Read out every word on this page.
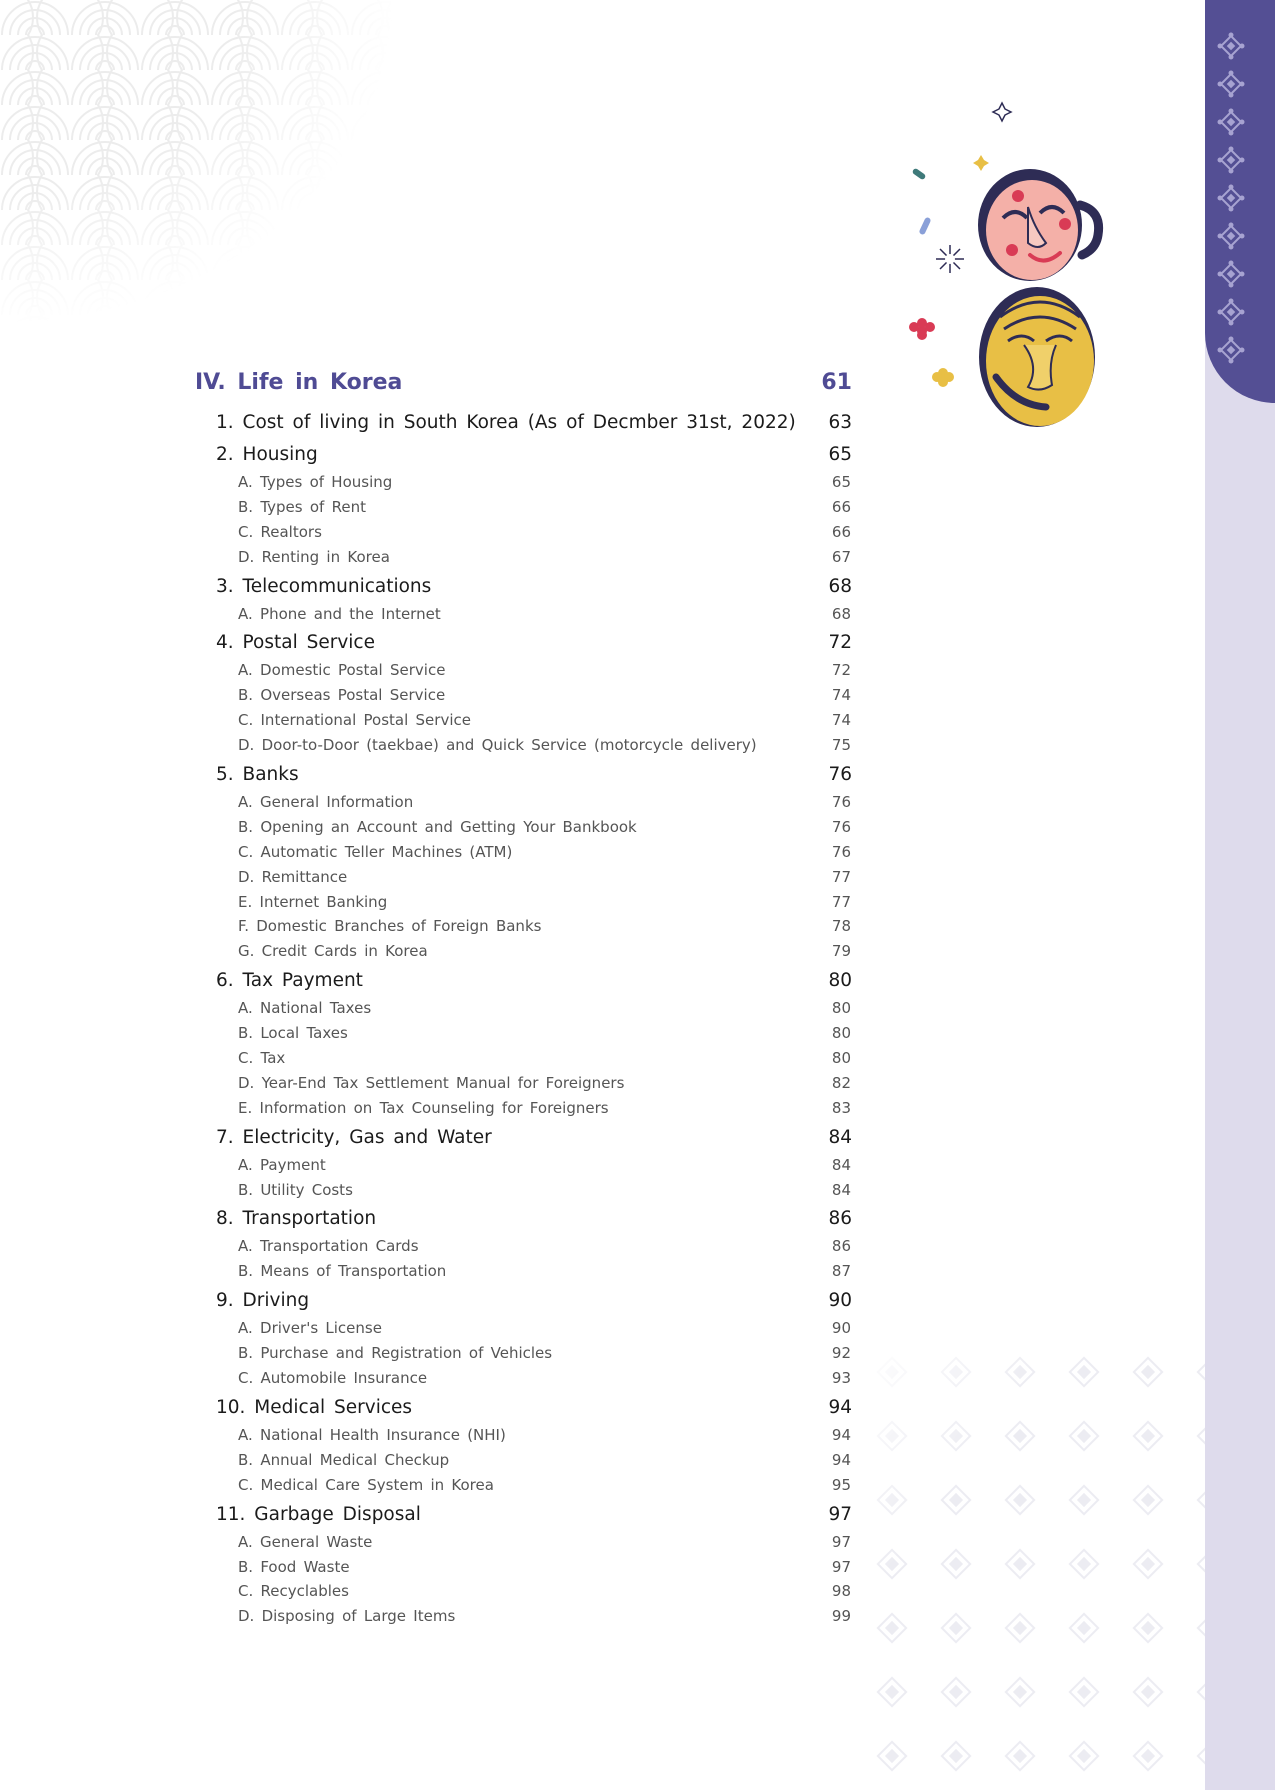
IV. Life in Korea	61
1. Cost of living in South Korea (As of Decmber 31st, 2022) 63
2. Housing	65
A. Types of Housing	65
B. Types of Rent	66
C. Realtors	66
D. Renting in Korea	67
3. Telecommunications	68
A. Phone and the Internet	68
4. Postal Service	72
A. Domestic Postal Service	72
B. Overseas Postal Service	74
C. International Postal Service	74
D. Door-to-Door (taekbae) and Quick Service (motorcycle delivery)	75
5. Banks	76
A. General Information	76
B. Opening an Account and Getting Your Bankbook	76
C. Automatic Teller Machines (ATM)	76
D. Remittance	77
E. Internet Banking	77
F. Domestic Branches of Foreign Banks	78
G. Credit Cards in Korea	79
6. Tax Payment	80
A. National Taxes	80
B. Local Taxes	80
C. Tax	80
D. Year-End Tax Settlement Manual for Foreigners	82
E. Information on Tax Counseling for Foreigners	83
7. Electricity, Gas and Water	84
A. Payment	84
B. Utility Costs	84
8. Transportation	86
A. Transportation Cards	86
B. Means of Transportation	87
9. Driving	90
A. Driver's License	90
B. Purchase and Registration of Vehicles	92
C. Automobile Insurance	93
10. Medical Services	94
A. National Health Insurance (NHI)	94
B. Annual Medical Checkup	94
C. Medical Care System in Korea	95
11. Garbage Disposal	97
A. General Waste	97
B. Food Waste	97
C. Recyclables	98
D. Disposing of Large Items	99
